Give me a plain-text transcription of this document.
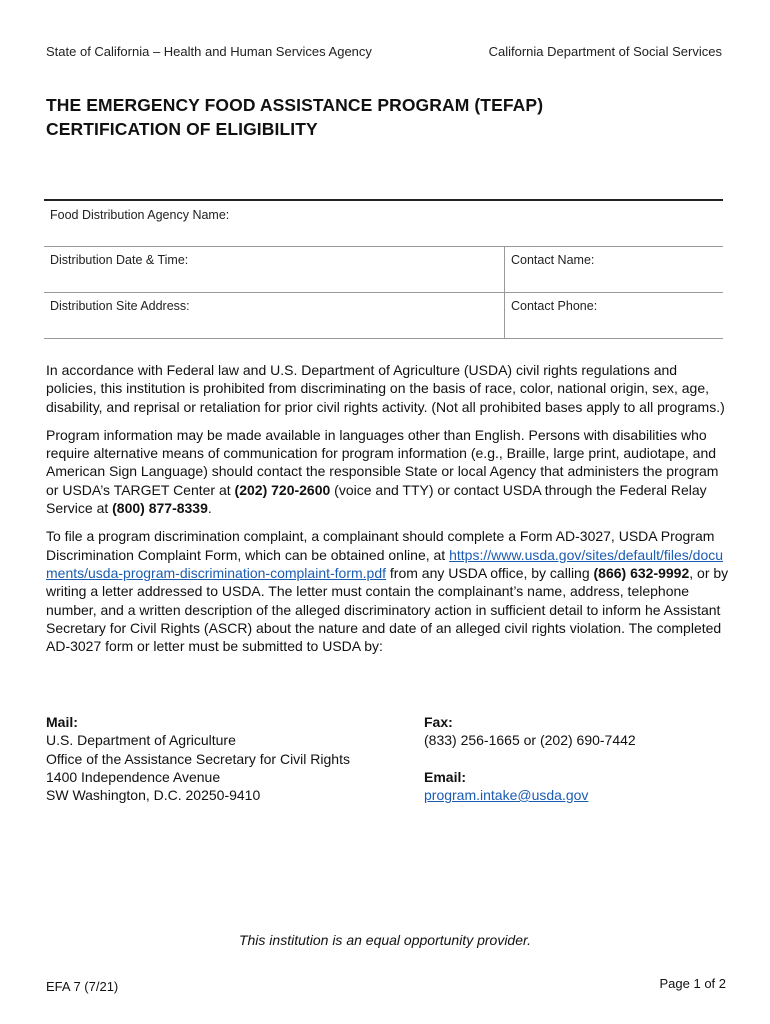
State of California – Health and Human Services Agency	California Department of Social Services
THE EMERGENCY FOOD ASSISTANCE PROGRAM (TEFAP)
CERTIFICATION OF ELIGIBILITY
Food Distribution Agency Name:
Distribution Date & Time:	Contact Name:
Distribution Site Address:	Contact Phone:

In accordance with Federal law and U.S. Department of Agriculture (USDA) civil rights regulations and policies, this institution is prohibited from discriminating on the basis of race, color, national origin, sex, age, disability, and reprisal or retaliation for prior civil rights activity. (Not all prohibited bases apply to all programs.)

Program information may be made available in languages other than English. Persons with disabilities who require alternative means of communication for program information (e.g., Braille, large print, audiotape, and American Sign Language) should contact the responsible State or local Agency that administers the program or USDA’s TARGET Center at (202) 720-2600 (voice and TTY) or contact USDA through the Federal Relay Service at (800) 877-8339.

To file a program discrimination complaint, a complainant should complete a Form AD-3027, USDA Program Discrimination Complaint Form, which can be obtained online, at https://www.usda.gov/sites/default/files/documents/usda-program-discrimination-complaint-form.pdf from any USDA office, by calling (866) 632-9992, or by writing a letter addressed to USDA. The letter must contain the complainant’s name, address, telephone number, and a written description of the alleged discriminatory action in sufficient detail to inform he Assistant Secretary for Civil Rights (ASCR) about the nature and date of an alleged civil rights violation. The completed AD-3027 form or letter must be submitted to USDA by:

Mail:
U.S. Department of Agriculture
Office of the Assistance Secretary for Civil Rights
1400 Independence Avenue
SW Washington, D.C. 20250-9410
Fax:
(833) 256-1665 or (202) 690-7442
Email:
program.intake@usda.gov
This institution is an equal opportunity provider.
EFA 7 (7/21)	Page 1 of 2
